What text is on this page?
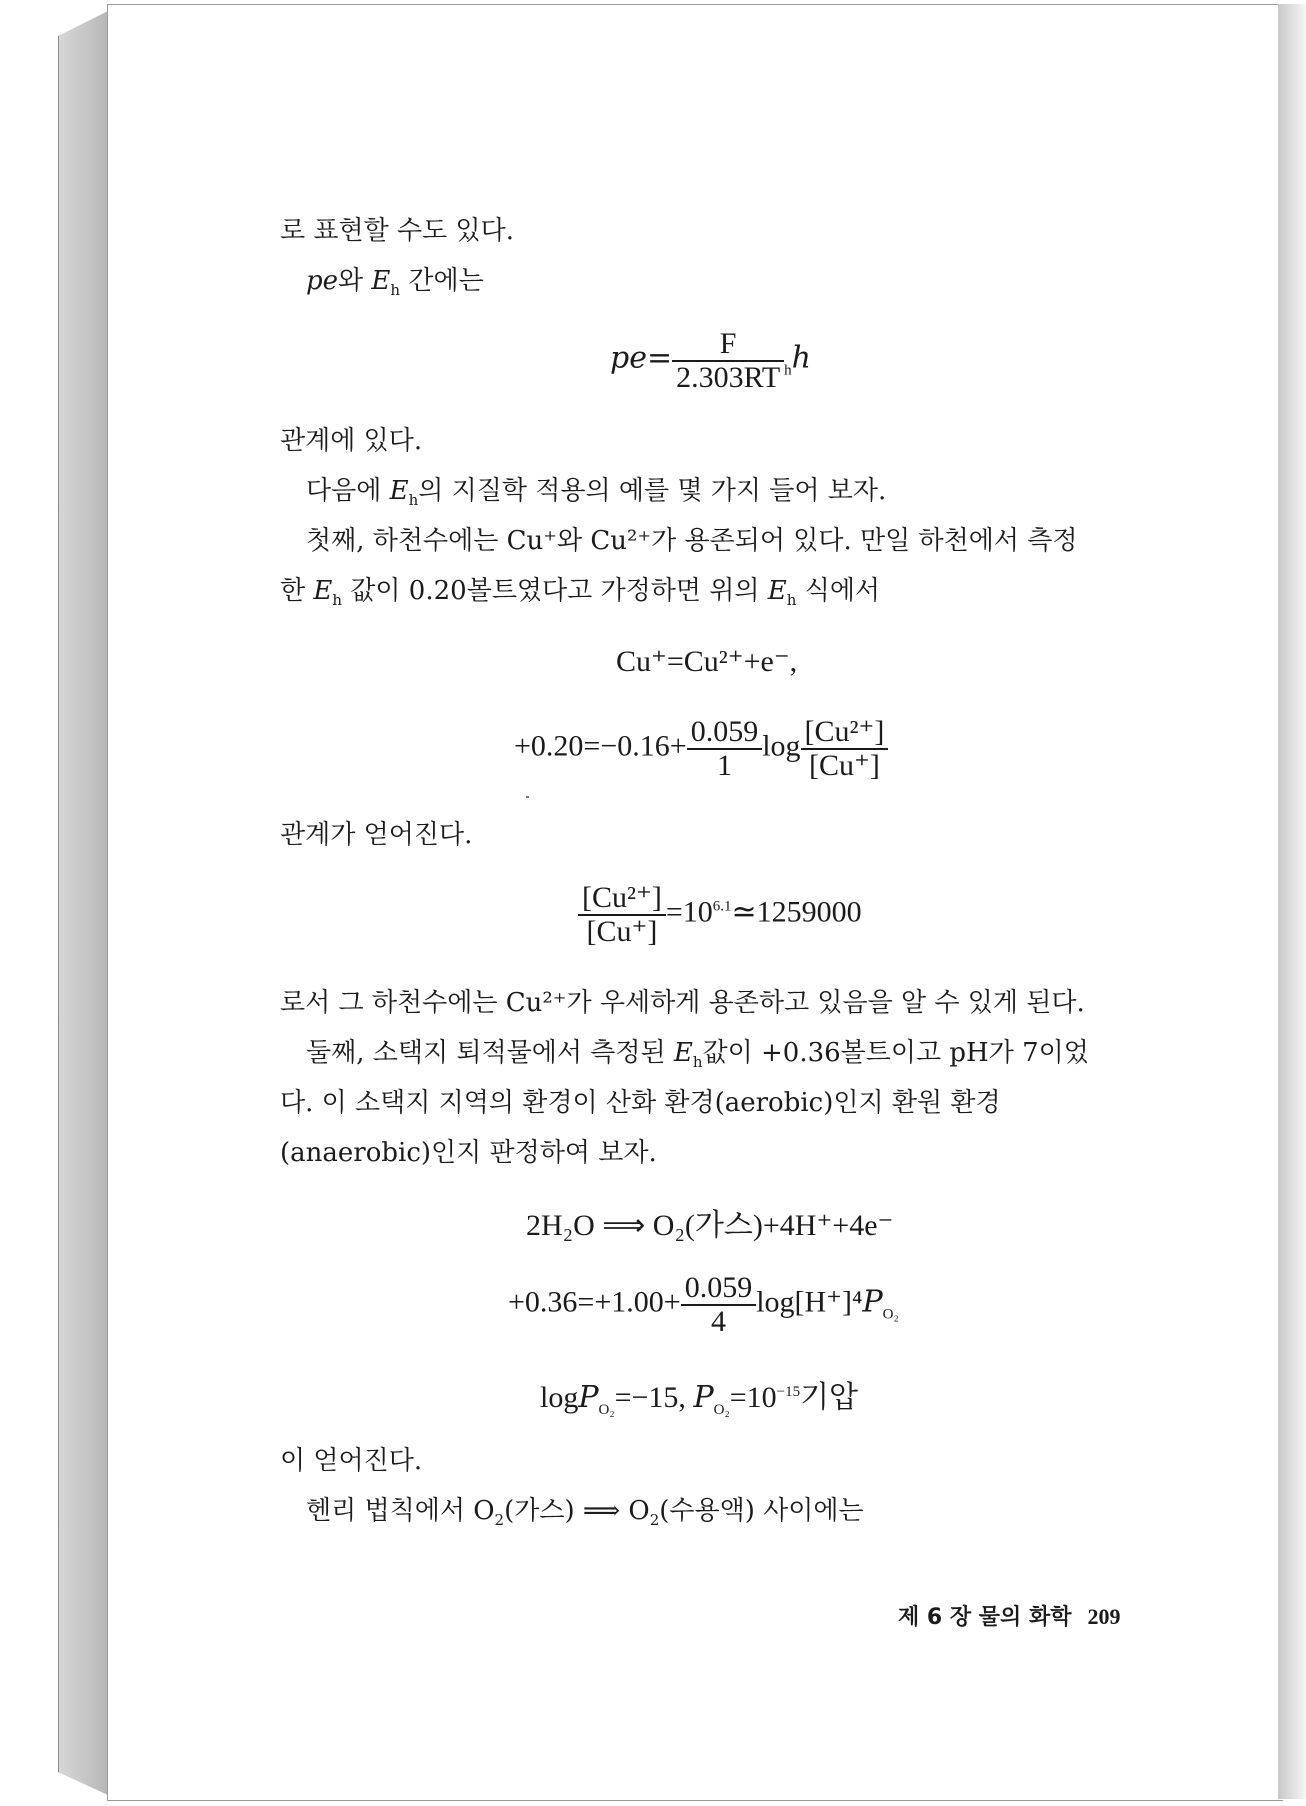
로 표현할 수도 있다.
pe와 $E_h$ 간에는
관계에 있다.
다음에 $E_h$의 지질학 적용의 예를 몇 가지 들어 보자.
첫째, 하천수에는 Cu⁺와 Cu²⁺가 용존되어 있다. 만일 하천에서 측정
한 $E_h$ 값이 0.20볼트였다고 가정하면 위의 $E_h$ 식에서
관계가 얻어진다.
로서 그 하천수에는 Cu²⁺가 우세하게 용존하고 있음을 알 수 있게 된다.
둘째, 소택지 퇴적물에서 측정된 $E_h$값이 +0.36볼트이고 pH가 7이었
다. 이 소택지 지역의 환경이 산화 환경(aerobic)인지 환원 환경
(anaerobic)인지 판정하여 보자.
이 얻어진다.
헨리 법칙에서 $O_2$(가스) ⟹ $O_2$(수용액) 사이에는
$pe= \frac{F}{2.303RT} _hh$
Cu⁺=Cu²⁺+e⁻,
$+0.20=-0.16+ \frac{0.059}{1}$ $\log \frac{\text{[Cu²⁺]}}{[Cu^+]}$
$\frac{\text{[Cu²⁺]}}{[Cu^+]}$ $=10^{6.1}≃1259000$
2H₂O ⟹ O₂(가스)+4H⁺+4e⁻
$+0.36=+1.00+ \frac{0.059}{4} \log[H^+]^4P_{O_2}$
logP$_{O_2}$=−15, $P_{O_2}=10^{-15}$기압
제 6 장 물의 화학 209
